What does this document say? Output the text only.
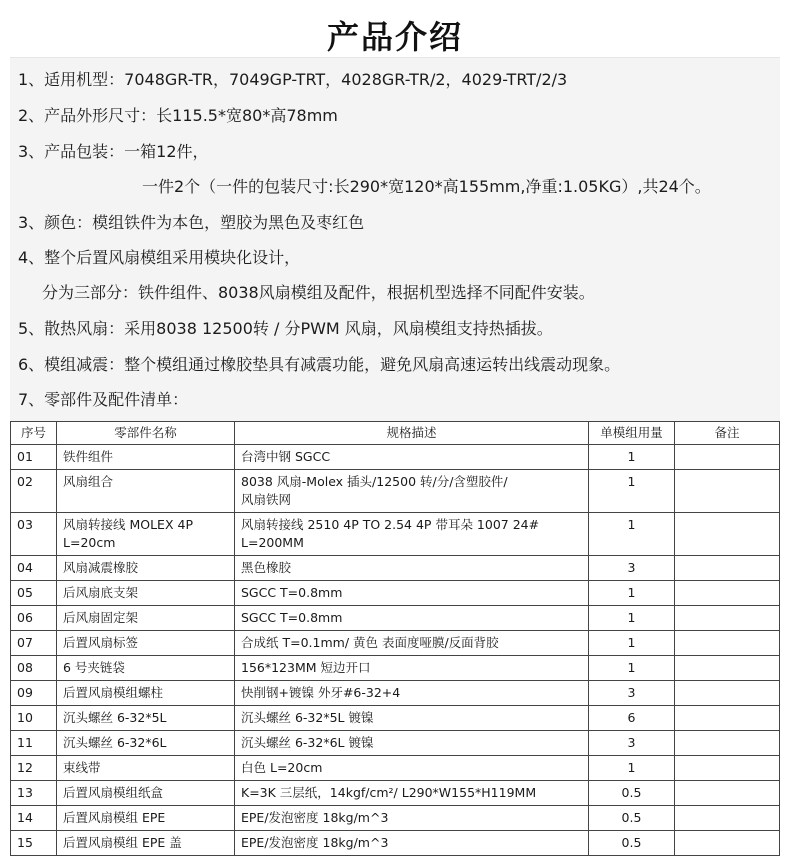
产品介绍
1、适用机型：7048GR-TR，7049GP-TRT，4028GR-TR/2，4029-TRT/2/3
2、产品外形尺寸：长115.5*宽80*高78mm
3、产品包装：一箱12件，
一件2个（一件的包装尺寸:长290*宽120*高155mm,净重:1.05KG）,共24个。
3、颜色：模组铁件为本色，塑胶为黑色及枣红色
4、整个后置风扇模组采用模块化设计，
分为三部分：铁件组件、8038风扇模组及配件，根据机型选择不同配件安装。
5、散热风扇：采用8038 12500转 / 分PWM 风扇，风扇模组支持热插拔。
6、模组减震：整个模组通过橡胶垫具有减震功能，避免风扇高速运转出线震动现象。
7、零部件及配件清单：
序号	零部件名称	规格描述	单模组用量	备注
01	铁件组件	台湾中钢 SGCC	1	
02	风扇组合	8038 风扇-Molex 插头/12500 转/分/含塑胶件/
风扇铁网	1	
03	风扇转接线 MOLEX 4P
L=20cm	风扇转接线 2510 4P TO 2.54 4P 带耳朵 1007 24#
L=200MM	1	
04	风扇减震橡胶	黑色橡胶	3	
05	后风扇底支架	SGCC T=0.8mm	1	
06	后风扇固定架	SGCC T=0.8mm	1	
07	后置风扇标签	合成纸 T=0.1mm/ 黄色 表面度哑膜/反面背胶	1	
08	6 号夹链袋	156*123MM 短边开口	1	
09	后置风扇模组螺柱	快削钢+镀镍 外牙#6-32+4	3	
10	沉头螺丝 6-32*5L	沉头螺丝 6-32*5L 镀镍	6	
11	沉头螺丝 6-32*6L	沉头螺丝 6-32*6L 镀镍	3	
12	束线带	白色 L=20cm	1	
13	后置风扇模组纸盒	K=3K 三层纸，14kgf/cm²/ L290*W155*H119MM	0.5	
14	后置风扇模组 EPE	EPE/发泡密度 18kg/m^3	0.5	
15	后置风扇模组 EPE 盖	EPE/发泡密度 18kg/m^3	0.5	
